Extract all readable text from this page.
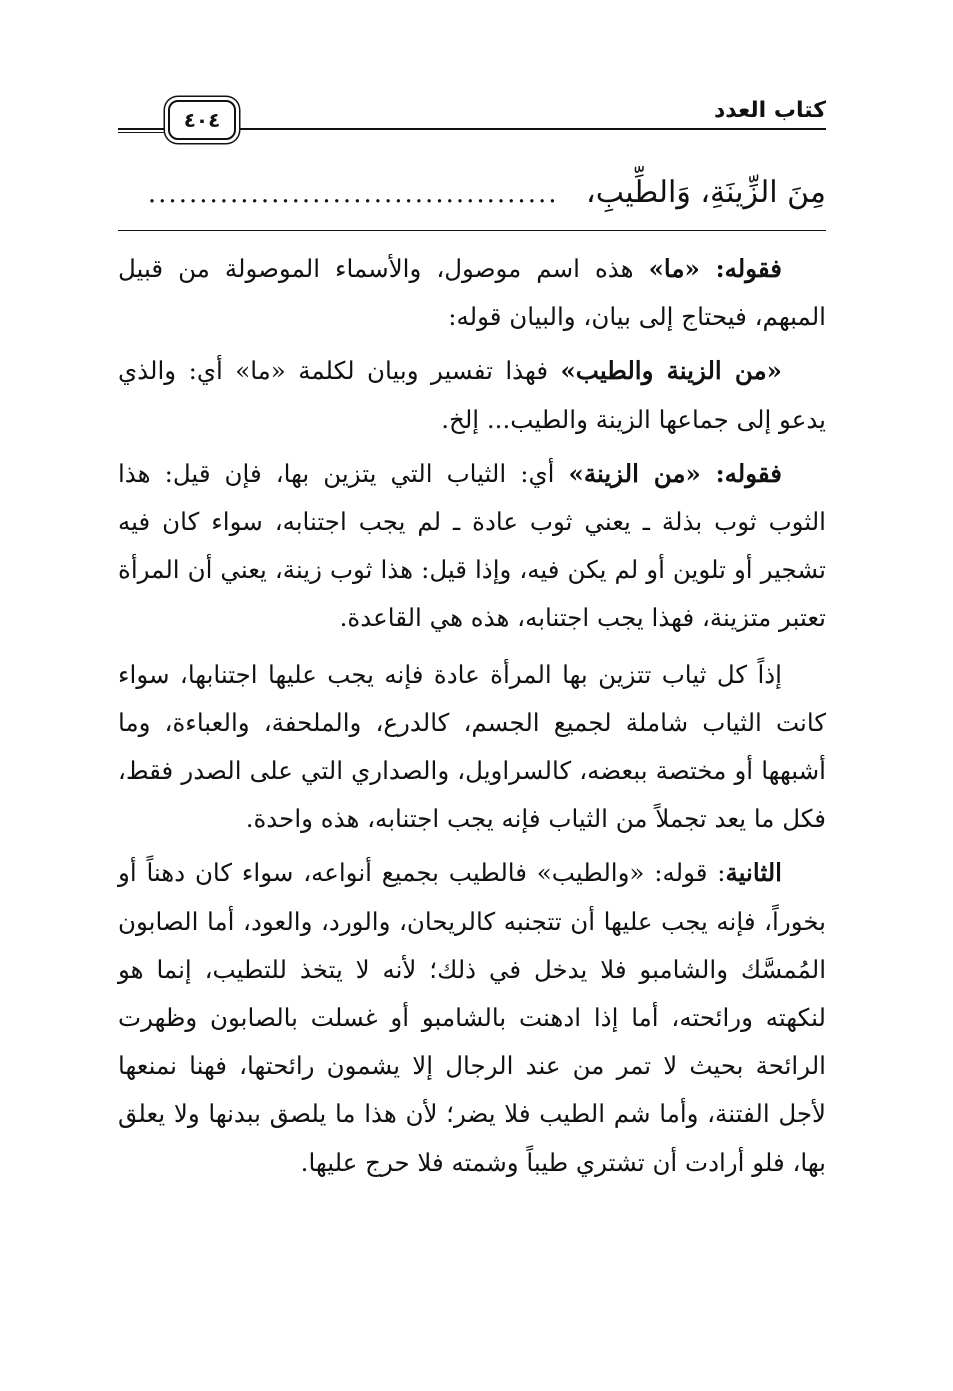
كتاب العدد
٤٠٤
مِنَ الزِّينَةِ، وَالطِّيبِ، ........................................

فقوله: «ما» هذه اسم موصول، والأسماء الموصولة من قبيل المبهم، فيحتاج إلى بيان، والبيان قوله:

«من الزينة والطيب» فهذا تفسير وبيان لكلمة «ما» أي: والذي يدعو إلى جماعها الزينة والطيب... إلخ.

فقوله: «من الزينة» أي: الثياب التي يتزين بها، فإن قيل: هذا الثوب ثوب بذلة ـ يعني ثوب عادة ـ لم يجب اجتنابه، سواء كان فيه تشجير أو تلوين أو لم يكن فيه، وإذا قيل: هذا ثوب زينة، يعني أن المرأة تعتبر متزينة، فهذا يجب اجتنابه، هذه هي القاعدة.

إذاً كل ثياب تتزين بها المرأة عادة فإنه يجب عليها اجتنابها، سواء كانت الثياب شاملة لجميع الجسم، كالدرع، والملحفة، والعباءة، وما أشبهها أو مختصة ببعضه، كالسراويل، والصداري التي على الصدر فقط، فكل ما يعد تجملاً من الثياب فإنه يجب اجتنابه، هذه واحدة.

الثانية: قوله: «والطيب» فالطيب بجميع أنواعه، سواء كان دهناً أو بخوراً، فإنه يجب عليها أن تتجنبه كالريحان، والورد، والعود، أما الصابون المُمسَّك والشامبو فلا يدخل في ذلك؛ لأنه لا يتخذ للتطيب، إنما هو لنكهته ورائحته، أما إذا ادهنت بالشامبو أو غسلت بالصابون وظهرت الرائحة بحيث لا تمر من عند الرجال إلا يشمون رائحتها، فهنا نمنعها لأجل الفتنة، وأما شم الطيب فلا يضر؛ لأن هذا ما يلصق ببدنها ولا يعلق بها، فلو أرادت أن تشتري طيباً وشمته فلا حرج عليها.
